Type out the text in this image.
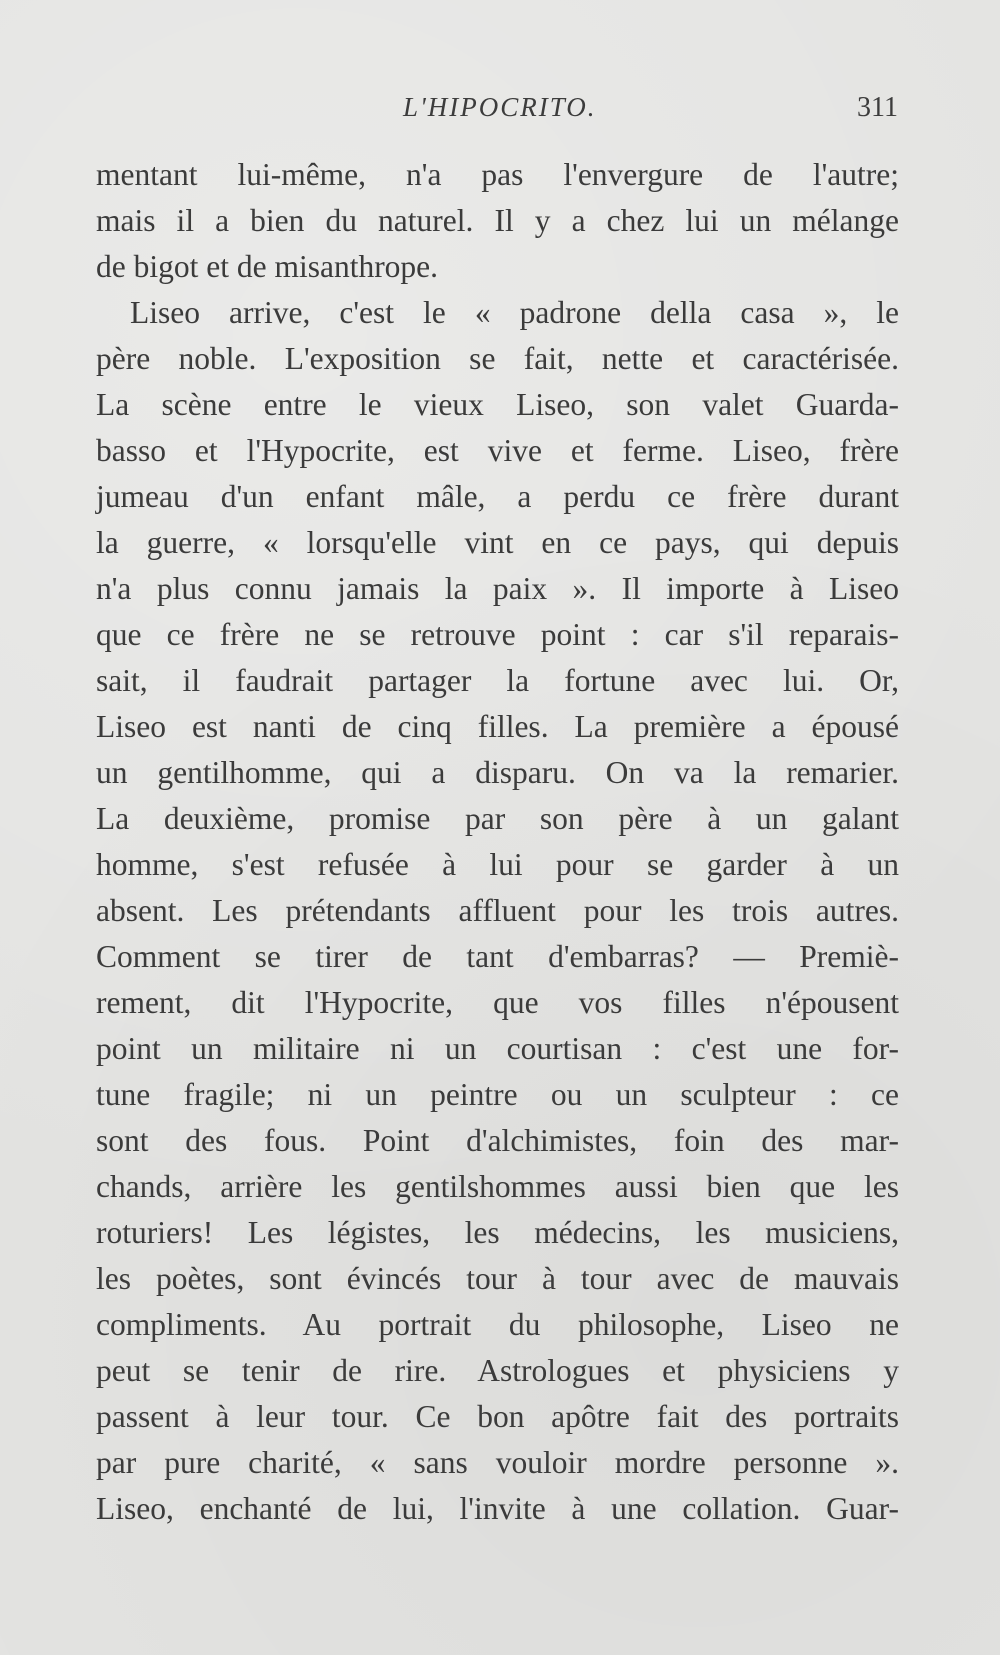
L'HIPOCRITO.	311
mentant lui-même, n'a pas l'envergure de l'autre;
mais il a bien du naturel. Il y a chez lui un mélange
de bigot et de misanthrope.
Liseo arrive, c'est le « padrone della casa », le
père noble. L'exposition se fait, nette et caractérisée.
La scène entre le vieux Liseo, son valet Guarda-
basso et l'Hypocrite, est vive et ferme. Liseo, frère
jumeau d'un enfant mâle, a perdu ce frère durant
la guerre, « lorsqu'elle vint en ce pays, qui depuis
n'a plus connu jamais la paix ». Il importe à Liseo
que ce frère ne se retrouve point : car s'il reparais-
sait, il faudrait partager la fortune avec lui. Or,
Liseo est nanti de cinq filles. La première a épousé
un gentilhomme, qui a disparu. On va la remarier.
La deuxième, promise par son père à un galant
homme, s'est refusée à lui pour se garder à un
absent. Les prétendants affluent pour les trois autres.
Comment se tirer de tant d'embarras? — Premiè-
rement, dit l'Hypocrite, que vos filles n'épousent
point un militaire ni un courtisan : c'est une for-
tune fragile; ni un peintre ou un sculpteur : ce
sont des fous. Point d'alchimistes, foin des mar-
chands, arrière les gentilshommes aussi bien que les
roturiers! Les légistes, les médecins, les musiciens,
les poètes, sont évincés tour à tour avec de mauvais
compliments. Au portrait du philosophe, Liseo ne
peut se tenir de rire. Astrologues et physiciens y
passent à leur tour. Ce bon apôtre fait des portraits
par pure charité, « sans vouloir mordre personne ».
Liseo, enchanté de lui, l'invite à une collation. Guar-
